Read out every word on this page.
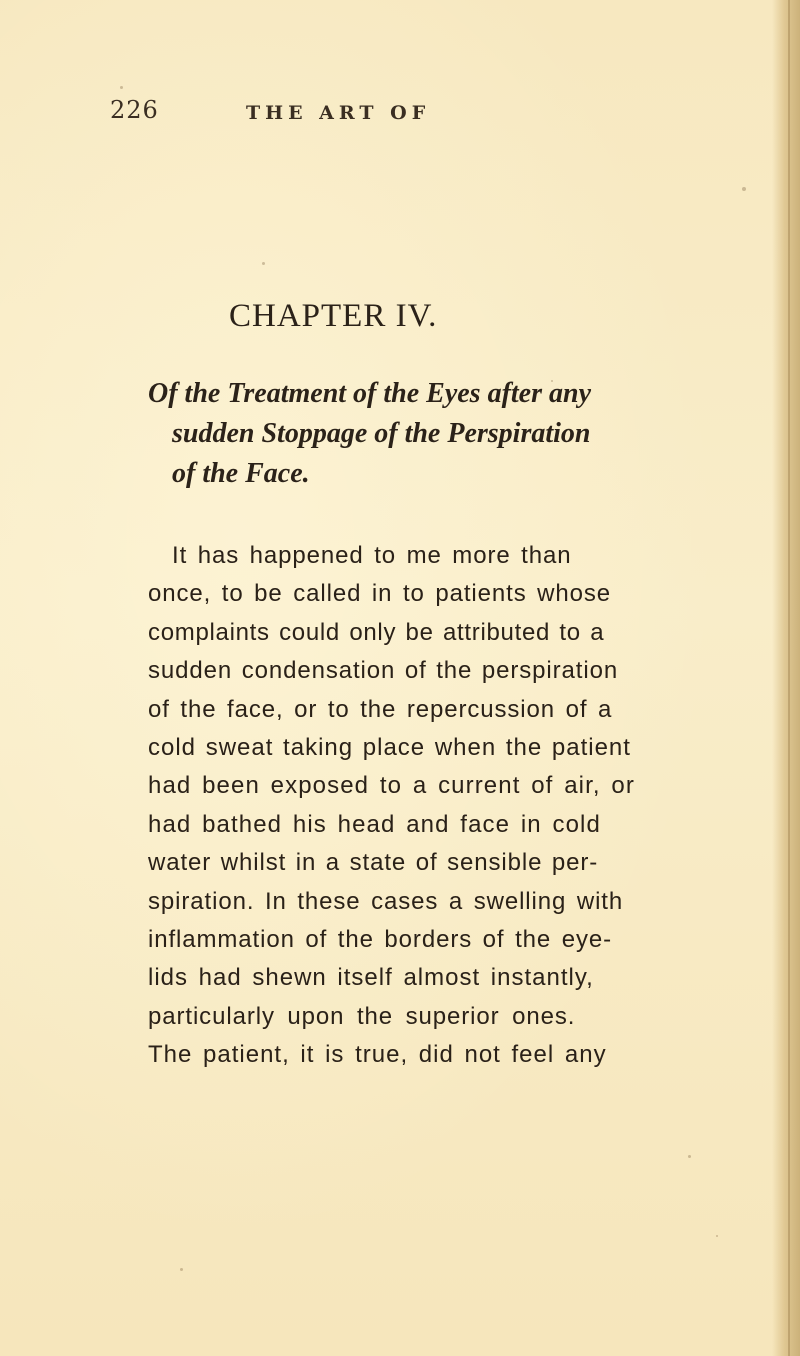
226	THE ART OF
CHAPTER IV.
Of the Treatment of the Eyes after any
sudden Stoppage of the Perspiration
of the Face.
It has happened to me more than
once, to be called in to patients whose
complaints could only be attributed to a
sudden condensation of the perspiration
of the face, or to the repercussion of a
cold sweat taking place when the patient
had been exposed to a current of air, or
had bathed his head and face in cold
water whilst in a state of sensible per-
spiration. In these cases a swelling with
inflammation of the borders of the eye-
lids had shewn itself almost instantly,
particularly upon the superior ones.
The patient, it is true, did not feel any
